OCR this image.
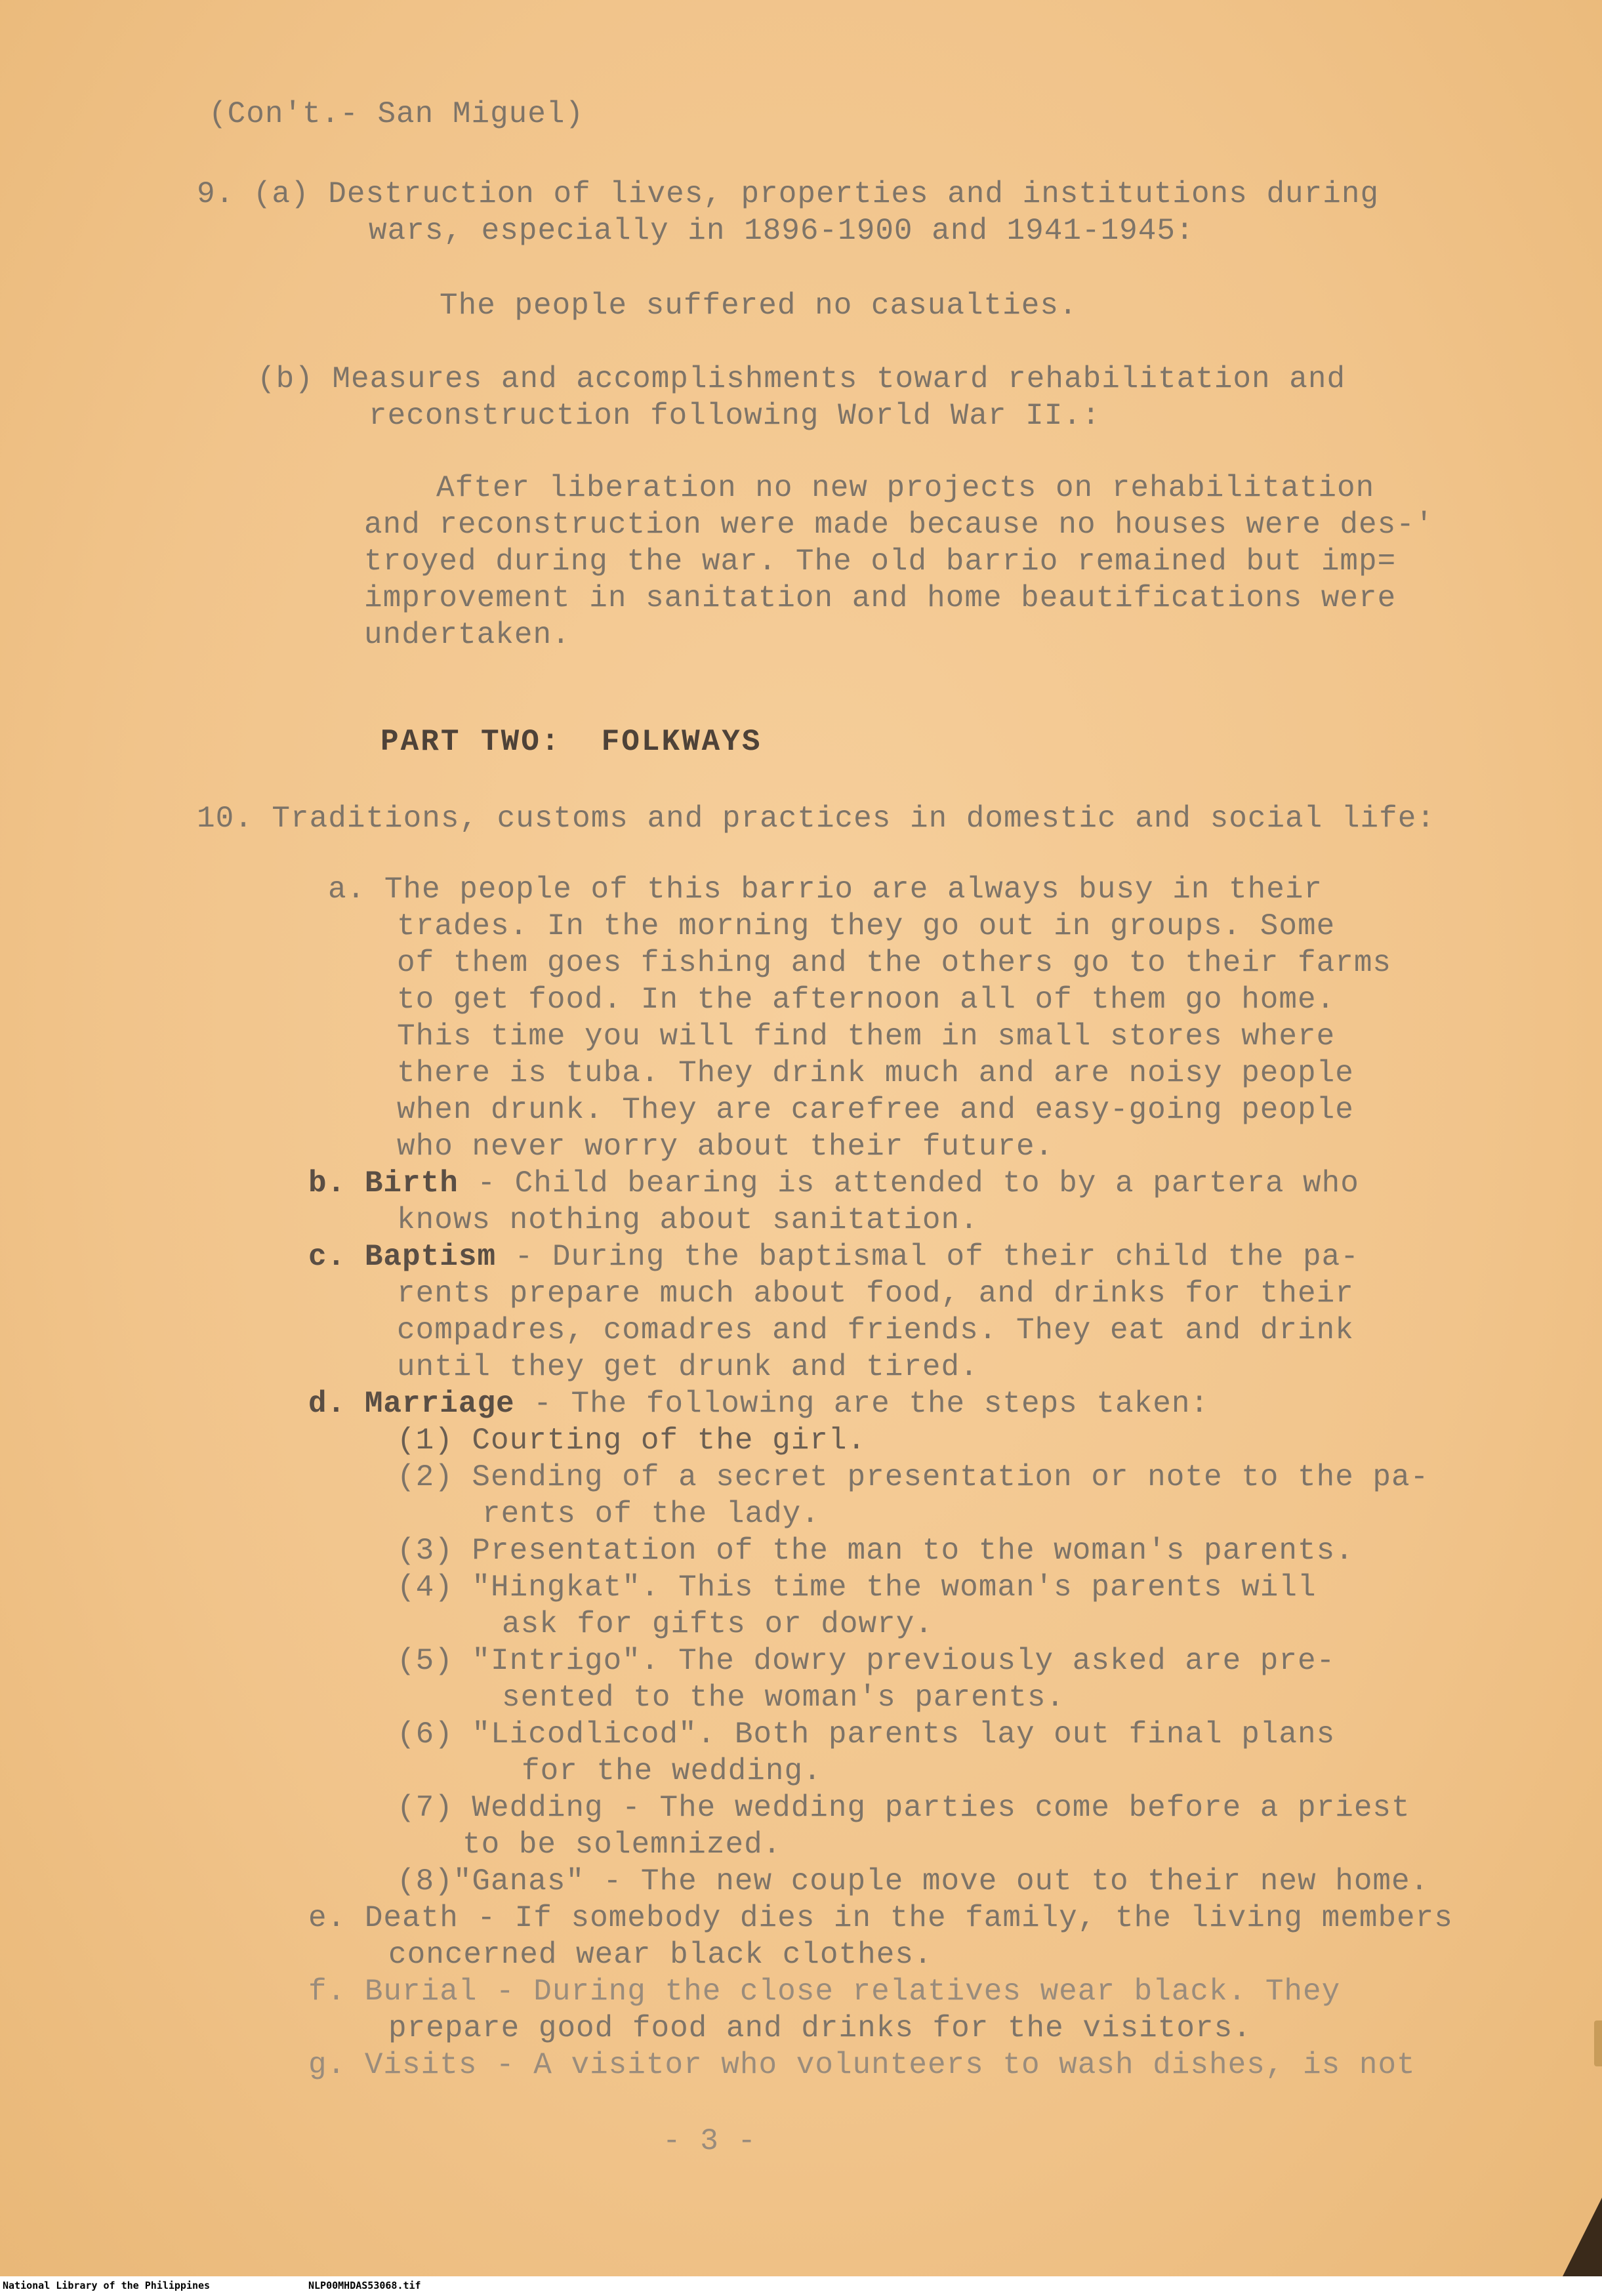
(Con't.- San Miguel)
9. (a) Destruction of lives, properties and institutions during
wars, especially in 1896-1900 and 1941-1945:
The people suffered no casualties.
(b) Measures and accomplishments toward rehabilitation and
reconstruction following World War II.:
After liberation no new projects on rehabilitation
and reconstruction were made because no houses were des-'
troyed during the war. The old barrio remained but imp=
improvement in sanitation and home beautifications were
undertaken.
PART TWO:  FOLKWAYS
10. Traditions, customs and practices in domestic and social life:
a. The people of this barrio are always busy in their
trades. In the morning they go out in groups. Some
of them goes fishing and the others go to their farms
to get food. In the afternoon all of them go home.
This time you will find them in small stores where
there is tuba. They drink much and are noisy people
when drunk. They are carefree and easy-going people
who never worry about their future.
b. Birth - Child bearing is attended to by a partera who
knows nothing about sanitation.
c. Baptism - During the baptismal of their child the pa-
rents prepare much about food, and drinks for their
compadres, comadres and friends. They eat and drink
until they get drunk and tired.
d. Marriage - The following are the steps taken:
(1) Courting of the girl.
(2) Sending of a secret presentation or note to the pa-
rents of the lady.
(3) Presentation of the man to the woman's parents.
(4) "Hingkat". This time the woman's parents will
ask for gifts or dowry.
(5) "Intrigo". The dowry previously asked are pre-
sented to the woman's parents.
(6) "Licodlicod". Both parents lay out final plans
for the wedding.
(7) Wedding - The wedding parties come before a priest
to be solemnized.
(8)"Ganas" - The new couple move out to their new home.
e. Death - If somebody dies in the family, the living members
concerned wear black clothes.
f. Burial - During the close relatives wear black. They
prepare good food and drinks for the visitors.
g. Visits - A visitor who volunteers to wash dishes, is not
- 3 -
National Library of the Philippines	NLP00MHDAS53068.tif
